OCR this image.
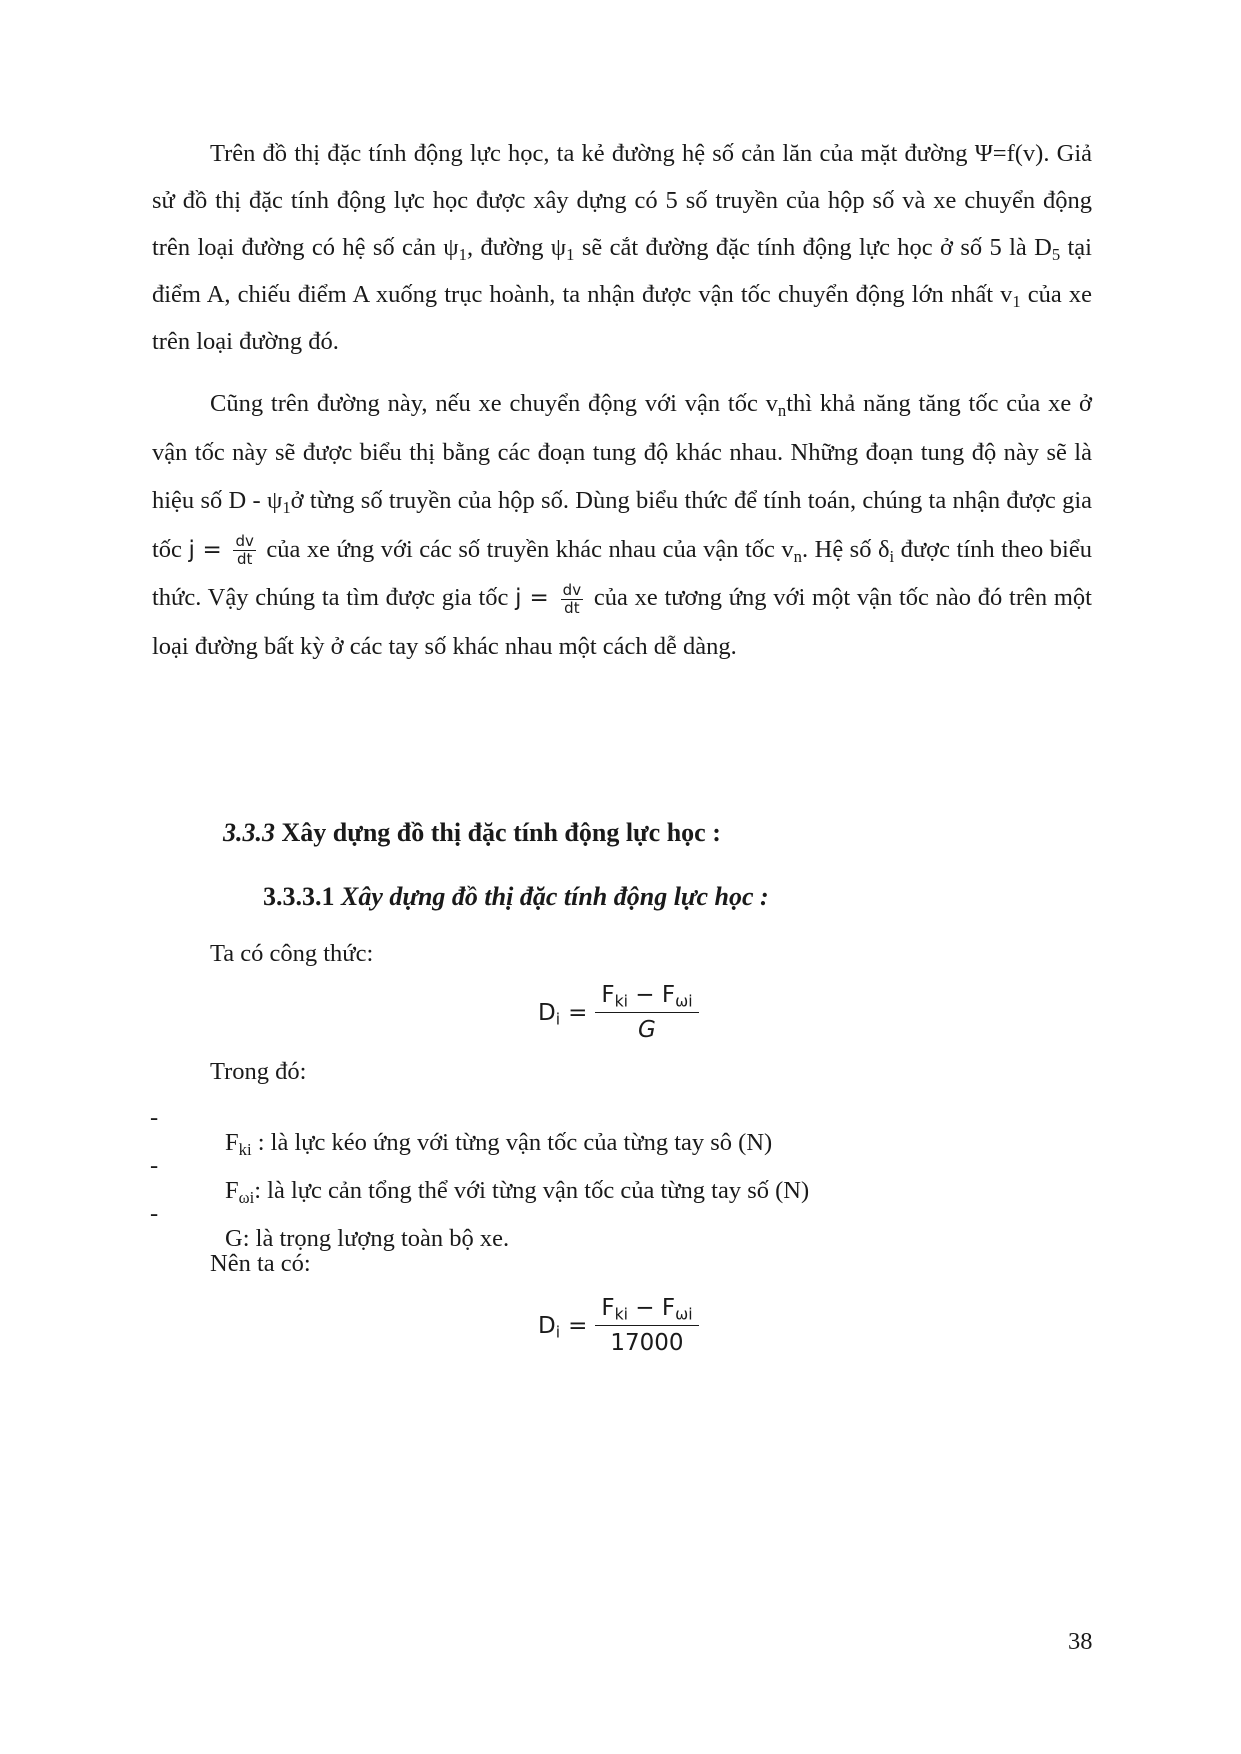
Trên đồ thị đặc tính động lực học, ta kẻ đường hệ số cản lăn của mặt đường Ψ=f(v). Giả sử đồ thị đặc tính động lực học được xây dựng có 5 số truyền của hộp số và xe chuyển động trên loại đường có hệ số cản $\psi_1$, đường $\psi_1$ sẽ cắt đường đặc tính động lực học ở số 5 là $D_5$ tại điểm A, chiếu điểm A xuống trục hoành, ta nhận được vận tốc chuyển động lớn nhất $v_1$ của xe trên loại đường đó.

Cũng trên đường này, nếu xe chuyển động với vận tốc $v_nthì$ khả năng tăng tốc của xe ở vận tốc này sẽ được biểu thị bằng các đoạn tung độ khác nhau. Những đoạn tung độ này sẽ là hiệu số D - $\psi_1ở$ từng số truyền của hộp số. Dùng biểu thức để tính toán, chúng ta nhận được gia tốc $j = \frac{dv}{dt}$ của xe ứng với các số truyền khác nhau của vận tốc $v_n$. Hệ số $\delta_i$ được tính theo biểu thức. Vậy chúng ta tìm được gia tốc $j = \frac{dv}{dt}$ của xe tương ứng với một vận tốc nào đó trên một loại đường bất kỳ ở các tay số khác nhau một cách dễ dàng.

3.3.3 Xây dựng đồ thị đặc tính động lực học :

3.3.3.1 Xây dựng đồ thị đặc tính động lực học :

Ta có công thức:

$D_i$ =
$F_{ki} - F_{\omega i}$
G

Trong đó:

-

$F_{ki}$ : là lực kéo ứng với từng vận tốc của từng tay sô (N)

-

$F_{\omega i}$: là lực cản tổng thể với từng vận tốc của từng tay số (N)

-

G: là trọng lượng toàn bộ xe.

Nên ta có:

$D_i$ =
$F_{ki} - F_{\omega i}$
17000
38
